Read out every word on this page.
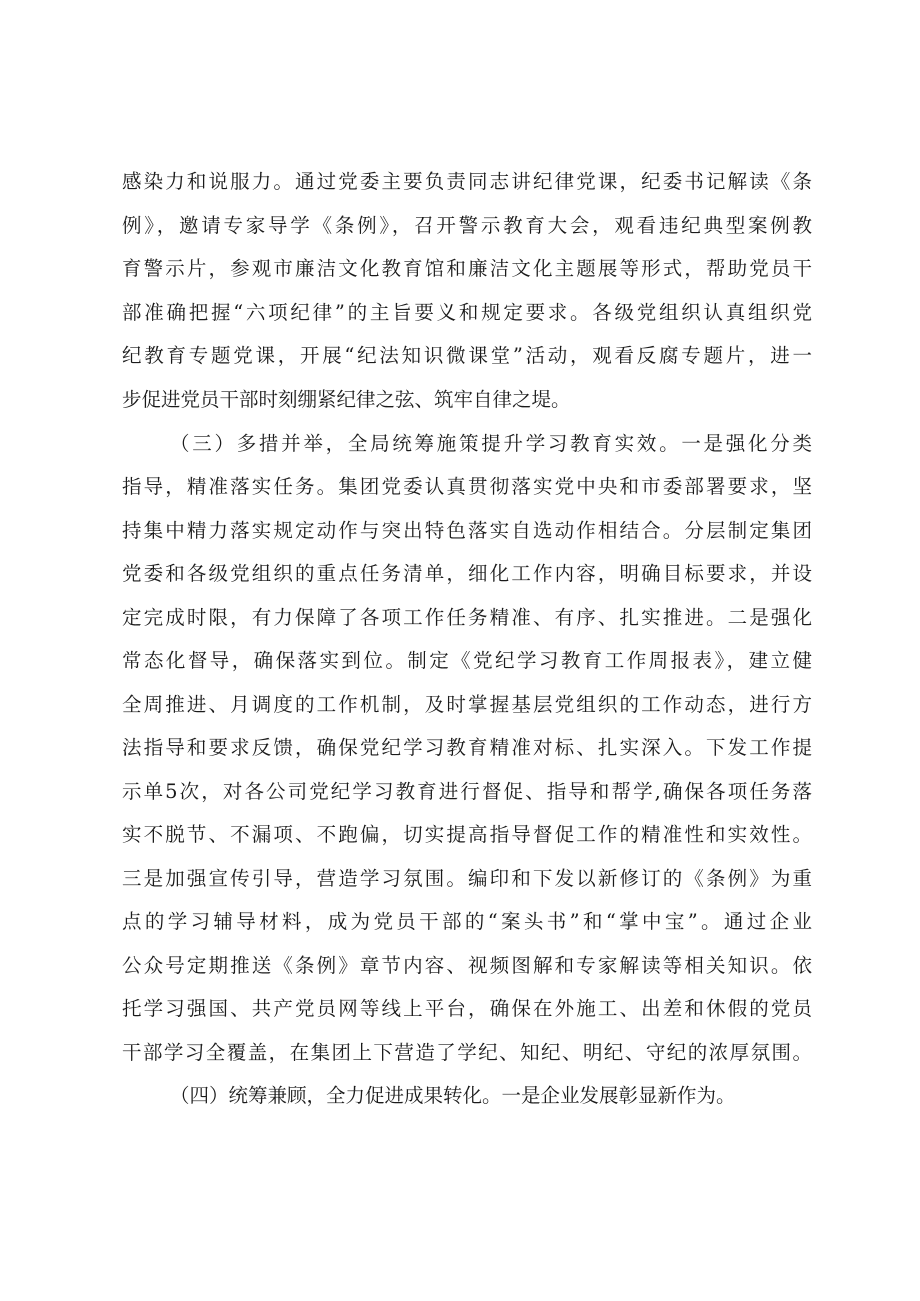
感染力和说服力。通过党委主要负责同志讲纪律党课，纪委书记解读《条
例》，邀请专家导学《条例》，召开警示教育大会，观看违纪典型案例教
育警示片，参观市廉洁文化教育馆和廉洁文化主题展等形式，帮助党员干
部准确把握“六项纪律”的主旨要义和规定要求。各级党组织认真组织党
纪教育专题党课，开展“纪法知识微课堂”活动，观看反腐专题片，进一
步促进党员干部时刻绷紧纪律之弦、筑牢自律之堤。
（三）多措并举，全局统筹施策提升学习教育实效。一是强化分类
指导，精准落实任务。集团党委认真贯彻落实党中央和市委部署要求，坚
持集中精力落实规定动作与突出特色落实自选动作相结合。分层制定集团
党委和各级党组织的重点任务清单，细化工作内容，明确目标要求，并设
定完成时限，有力保障了各项工作任务精准、有序、扎实推进。二是强化
常态化督导，确保落实到位。制定《党纪学习教育工作周报表》，建立健
全周推进、月调度的工作机制，及时掌握基层党组织的工作动态，进行方
法指导和要求反馈，确保党纪学习教育精准对标、扎实深入。下发工作提
示单5次，对各公司党纪学习教育进行督促、指导和帮学,确保各项任务落
实不脱节、不漏项、不跑偏，切实提高指导督促工作的精准性和实效性。
三是加强宣传引导，营造学习氛围。编印和下发以新修订的《条例》为重
点的学习辅导材料，成为党员干部的“案头书”和“掌中宝”。通过企业
公众号定期推送《条例》章节内容、视频图解和专家解读等相关知识。依
托学习强国、共产党员网等线上平台，确保在外施工、出差和休假的党员
干部学习全覆盖，在集团上下营造了学纪、知纪、明纪、守纪的浓厚氛围。
（四）统筹兼顾，全力促进成果转化。一是企业发展彰显新作为。
